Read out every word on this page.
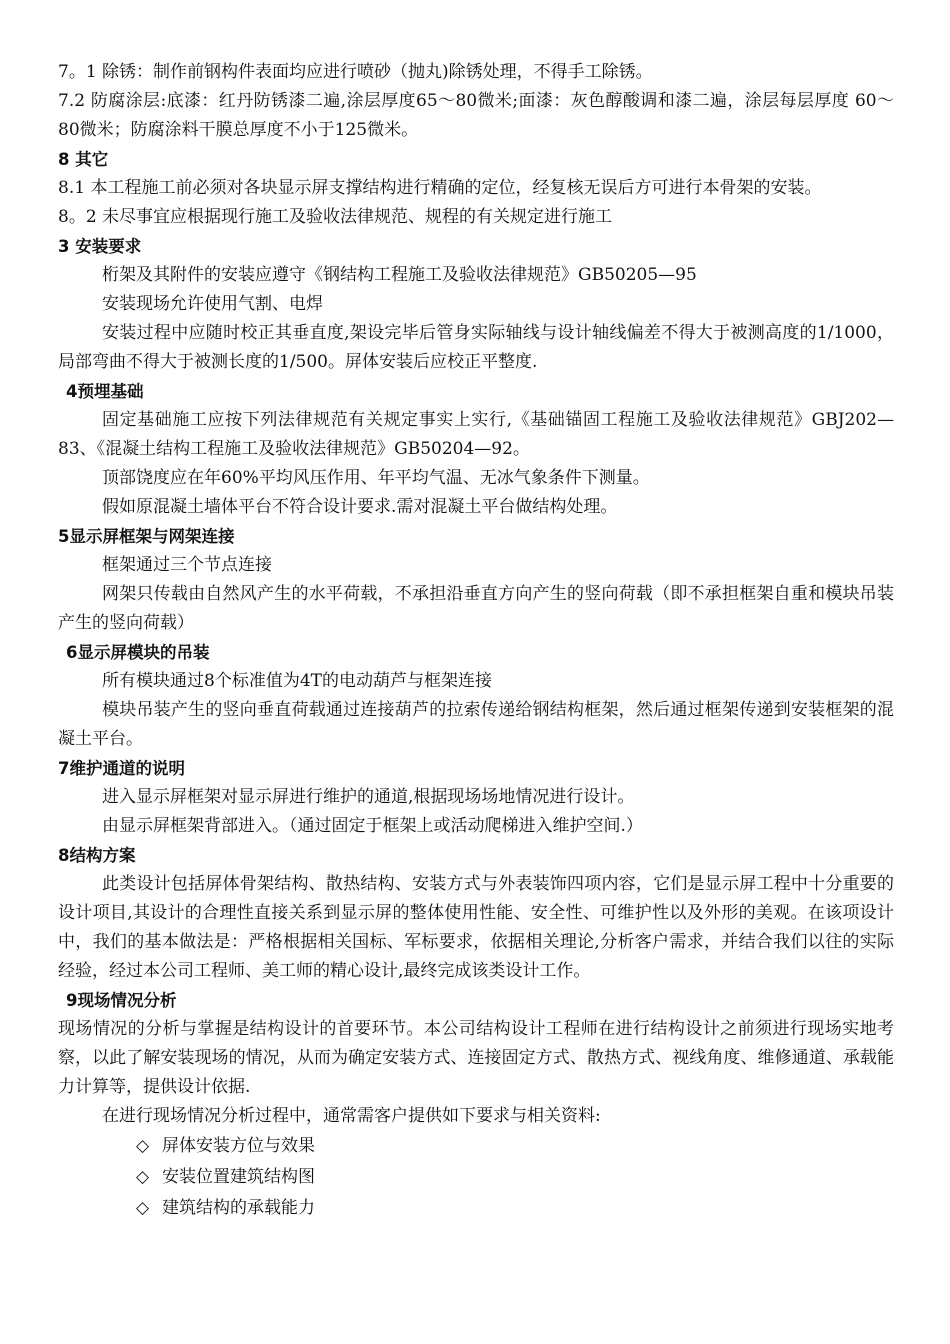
7。1 除锈：制作前钢构件表面均应进行喷砂（抛丸)除锈处理，不得手工除锈。
7.2 防腐涂层:底漆：红丹防锈漆二遍,涂层厚度65～80微米;面漆：灰色醇酸调和漆二遍，涂层每层厚度 60～80微米；防腐涂料干膜总厚度不小于125微米。
8 其它
8.1 本工程施工前必须对各块显示屏支撑结构进行精确的定位，经复核无误后方可进行本骨架的安装。
8。2 未尽事宜应根据现行施工及验收法律规范、规程的有关规定进行施工
3 安装要求
桁架及其附件的安装应遵守《钢结构工程施工及验收法律规范》GB50205—95
安装现场允许使用气割、电焊
安装过程中应随时校正其垂直度,架设完毕后管身实际轴线与设计轴线偏差不得大于被测高度的1/1000，局部弯曲不得大于被测长度的1/500。屏体安装后应校正平整度.
4预埋基础
固定基础施工应按下列法律规范有关规定事实上实行,《基础锚固工程施工及验收法律规范》GBJ202—83、《混凝土结构工程施工及验收法律规范》GB50204—92。
顶部饶度应在年60%平均风压作用、年平均气温、无冰气象条件下测量。
假如原混凝土墙体平台不符合设计要求.需对混凝土平台做结构处理。
5显示屏框架与网架连接
框架通过三个节点连接
网架只传载由自然风产生的水平荷载，不承担沿垂直方向产生的竖向荷载（即不承担框架自重和模块吊装产生的竖向荷载）
6显示屏模块的吊装
所有模块通过8个标准值为4T的电动葫芦与框架连接
模块吊装产生的竖向垂直荷载通过连接葫芦的拉索传递给钢结构框架，然后通过框架传递到安装框架的混凝土平台。
7维护通道的说明
进入显示屏框架对显示屏进行维护的通道,根据现场场地情况进行设计。
由显示屏框架背部进入。（通过固定于框架上或活动爬梯进入维护空间.）
8结构方案
此类设计包括屏体骨架结构、散热结构、安装方式与外表装饰四项内容，它们是显示屏工程中十分重要的设计项目,其设计的合理性直接关系到显示屏的整体使用性能、安全性、可维护性以及外形的美观。在该项设计中，我们的基本做法是：严格根据相关国标、军标要求，依据相关理论,分析客户需求，并结合我们以往的实际经验，经过本公司工程师、美工师的精心设计,最终完成该类设计工作。
9现场情况分析
现场情况的分析与掌握是结构设计的首要环节。本公司结构设计工程师在进行结构设计之前须进行现场实地考察，以此了解安装现场的情况，从而为确定安装方式、连接固定方式、散热方式、视线角度、维修通道、承载能力计算等，提供设计依据.
在进行现场情况分析过程中，通常需客户提供如下要求与相关资料:
◇ 屏体安装方位与效果
◇ 安装位置建筑结构图
◇ 建筑结构的承载能力
